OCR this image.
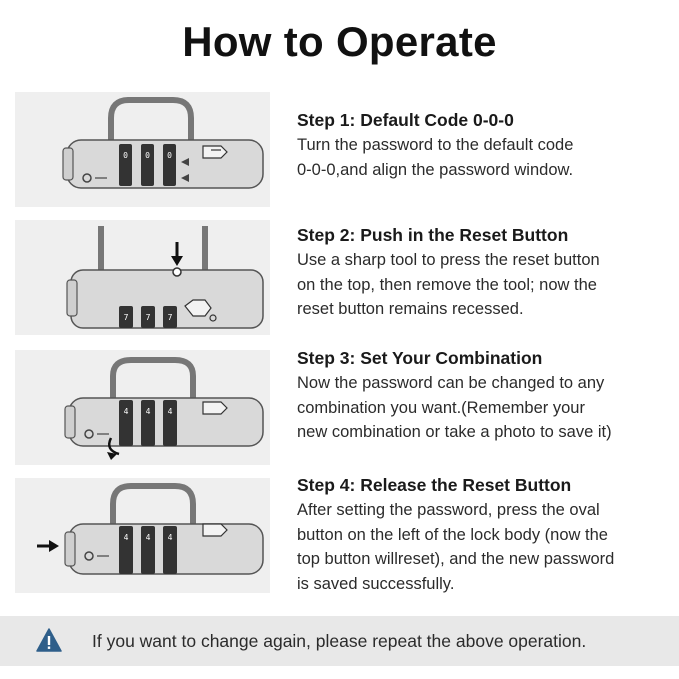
How to Operate
0 0 0
Step 1: Default Code 0-0-0
Turn the password to the default code
0-0-0,and align the password window.
7 7 7
Step 2: Push in the Reset Button
Use a sharp tool to press the reset button
on the top, then remove the tool; now the
reset button remains recessed.
4 4 4
Step 3: Set Your Combination
Now the password can be changed to any
combination you want.(Remember your
new combination or take a photo to save it)
4 4 4
Step 4: Release the Reset Button
After setting the password, press the oval
button on the left of the lock body (now the
top button willreset), and the new password
is saved successfully.
If you want to change again, please repeat the above operation.
